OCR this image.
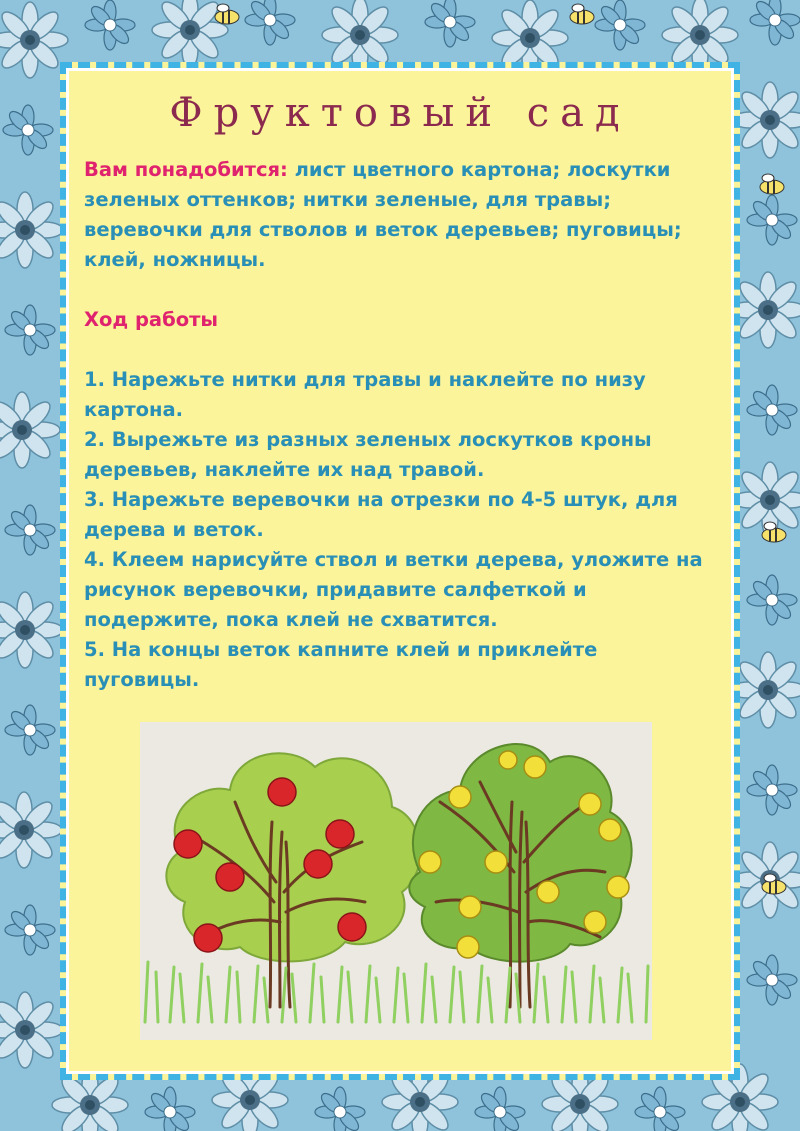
Фруктовый сад

Вам понадобится: лист цветного картона; лоскутки зеленых оттенков; нитки зеленые, для травы; веревочки для стволов и веток деревьев; пуговицы; клей, ножницы.

Ход работы

1. Нарежьте нитки для травы и наклейте по низу картона.
2. Вырежьте из разных зеленых лоскутков кроны деревьев, наклейте их над травой.
3. Нарежьте веревочки на отрезки по 4-5 штук, для дерева и веток.
4. Клеем нарисуйте ствол и ветки дерева, уложите на рисунок веревочки, придавите салфеткой и подержите, пока клей не схватится.
5. На концы веток капните клей и приклейте пуговицы.
